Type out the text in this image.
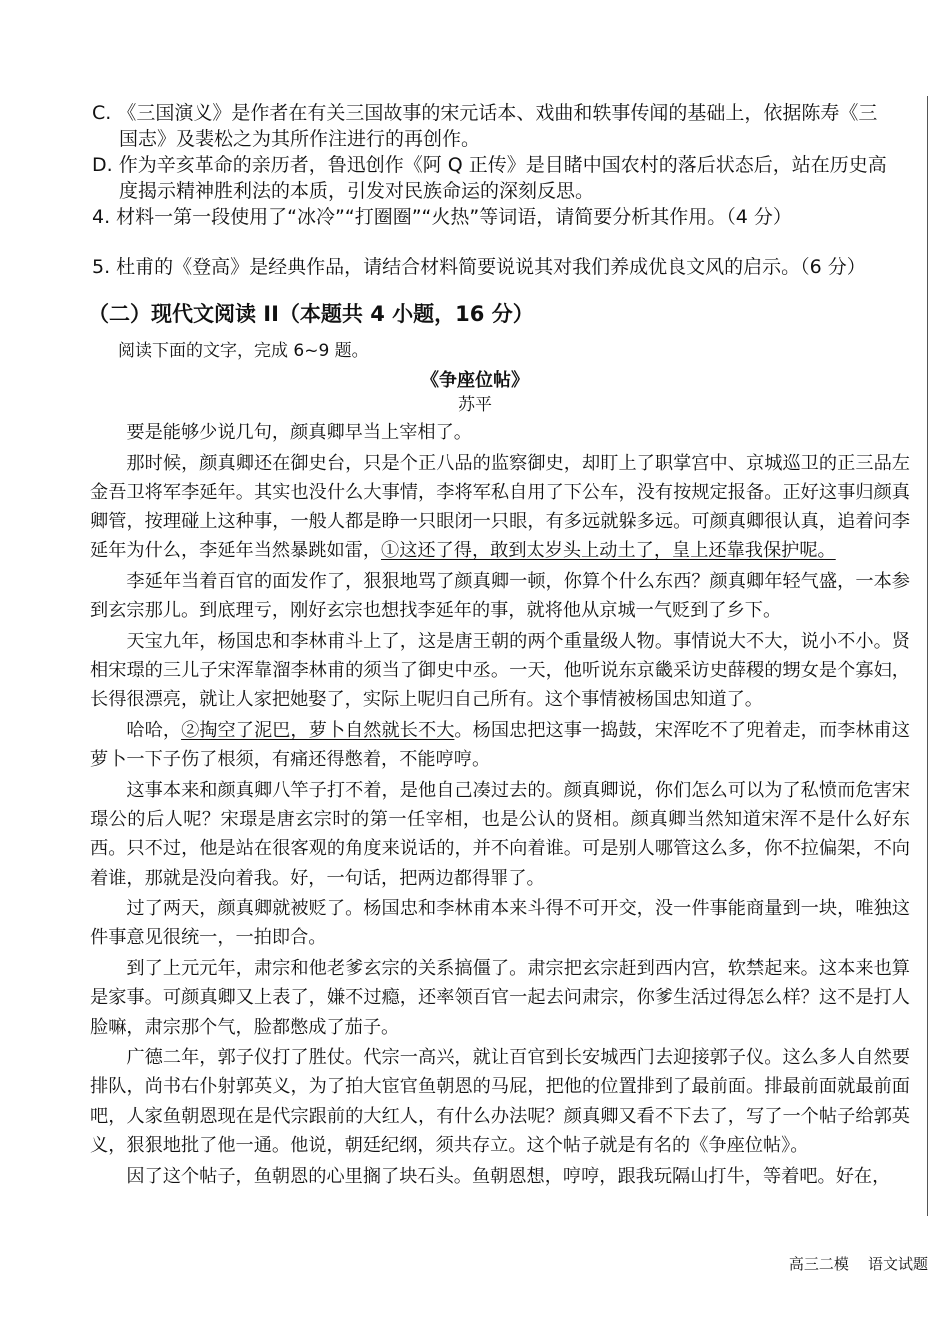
C. 《三国演义》是作者在有关三国故事的宋元话本、戏曲和轶事传闻的基础上，依据陈寿《三
国志》及裴松之为其所作注进行的再创作。
D. 作为辛亥革命的亲历者，鲁迅创作《阿 Q 正传》是目睹中国农村的落后状态后，站在历史高
度揭示精神胜利法的本质，引发对民族命运的深刻反思。
4. 材料一第一段使用了“冰冷”“打圈圈”“火热”等词语，请简要分析其作用。（4 分）
5. 杜甫的《登高》是经典作品，请结合材料简要说说其对我们养成优良文风的启示。（6 分）
（二）现代文阅读 II（本题共 4 小题，16 分）
阅读下面的文字，完成 6~9 题。
《争座位帖》
苏平

要是能够少说几句，颜真卿早当上宰相了。

那时候，颜真卿还在御史台，只是个正八品的监察御史，却盯上了职掌宫中、京城巡卫的正三品左金吾卫将军李延年。其实也没什么大事情，李将军私自用了下公车，没有按规定报备。正好这事归颜真卿管，按理碰上这种事，一般人都是睁一只眼闭一只眼，有多远就躲多远。可颜真卿很认真，追着问李延年为什么，李延年当然暴跳如雷，①这还了得，敢到太岁头上动土了，皇上还靠我保护呢。

李延年当着百官的面发作了，狠狠地骂了颜真卿一顿，你算个什么东西？颜真卿年轻气盛，一本参到玄宗那儿。到底理亏，刚好玄宗也想找李延年的事，就将他从京城一气贬到了乡下。

天宝九年，杨国忠和李林甫斗上了，这是唐王朝的两个重量级人物。事情说大不大，说小不小。贤相宋璟的三儿子宋浑靠溜李林甫的须当了御史中丞。一天，他听说东京畿采访史薛稷的甥女是个寡妇，长得很漂亮，就让人家把她娶了，实际上呢归自己所有。这个事情被杨国忠知道了。

哈哈，②掏空了泥巴，萝卜自然就长不大。杨国忠把这事一捣鼓，宋浑吃不了兜着走，而李林甫这萝卜一下子伤了根须，有痛还得憋着，不能哼哼。

这事本来和颜真卿八竿子打不着，是他自己凑过去的。颜真卿说，你们怎么可以为了私愤而危害宋璟公的后人呢？宋璟是唐玄宗时的第一任宰相，也是公认的贤相。颜真卿当然知道宋浑不是什么好东西。只不过，他是站在很客观的角度来说话的，并不向着谁。可是别人哪管这么多，你不拉偏架，不向着谁，那就是没向着我。好，一句话，把两边都得罪了。

过了两天，颜真卿就被贬了。杨国忠和李林甫本来斗得不可开交，没一件事能商量到一块，唯独这件事意见很统一，一拍即合。

到了上元元年，肃宗和他老爹玄宗的关系搞僵了。肃宗把玄宗赶到西内宫，软禁起来。这本来也算是家事。可颜真卿又上表了，嫌不过瘾，还率领百官一起去问肃宗，你爹生活过得怎么样？这不是打人脸嘛，肃宗那个气，脸都憋成了茄子。

广德二年，郭子仪打了胜仗。代宗一高兴，就让百官到长安城西门去迎接郭子仪。这么多人自然要排队，尚书右仆射郭英义，为了拍大宦官鱼朝恩的马屁，把他的位置排到了最前面。排最前面就最前面吧，人家鱼朝恩现在是代宗跟前的大红人，有什么办法呢？颜真卿又看不下去了，写了一个帖子给郭英义，狠狠地批了他一通。他说，朝廷纪纲，须共存立。这个帖子就是有名的《争座位帖》。

因了这个帖子，鱼朝恩的心里搁了块石头。鱼朝恩想，哼哼，跟我玩隔山打牛，等着吧。好在，

高三二模    语文试题
